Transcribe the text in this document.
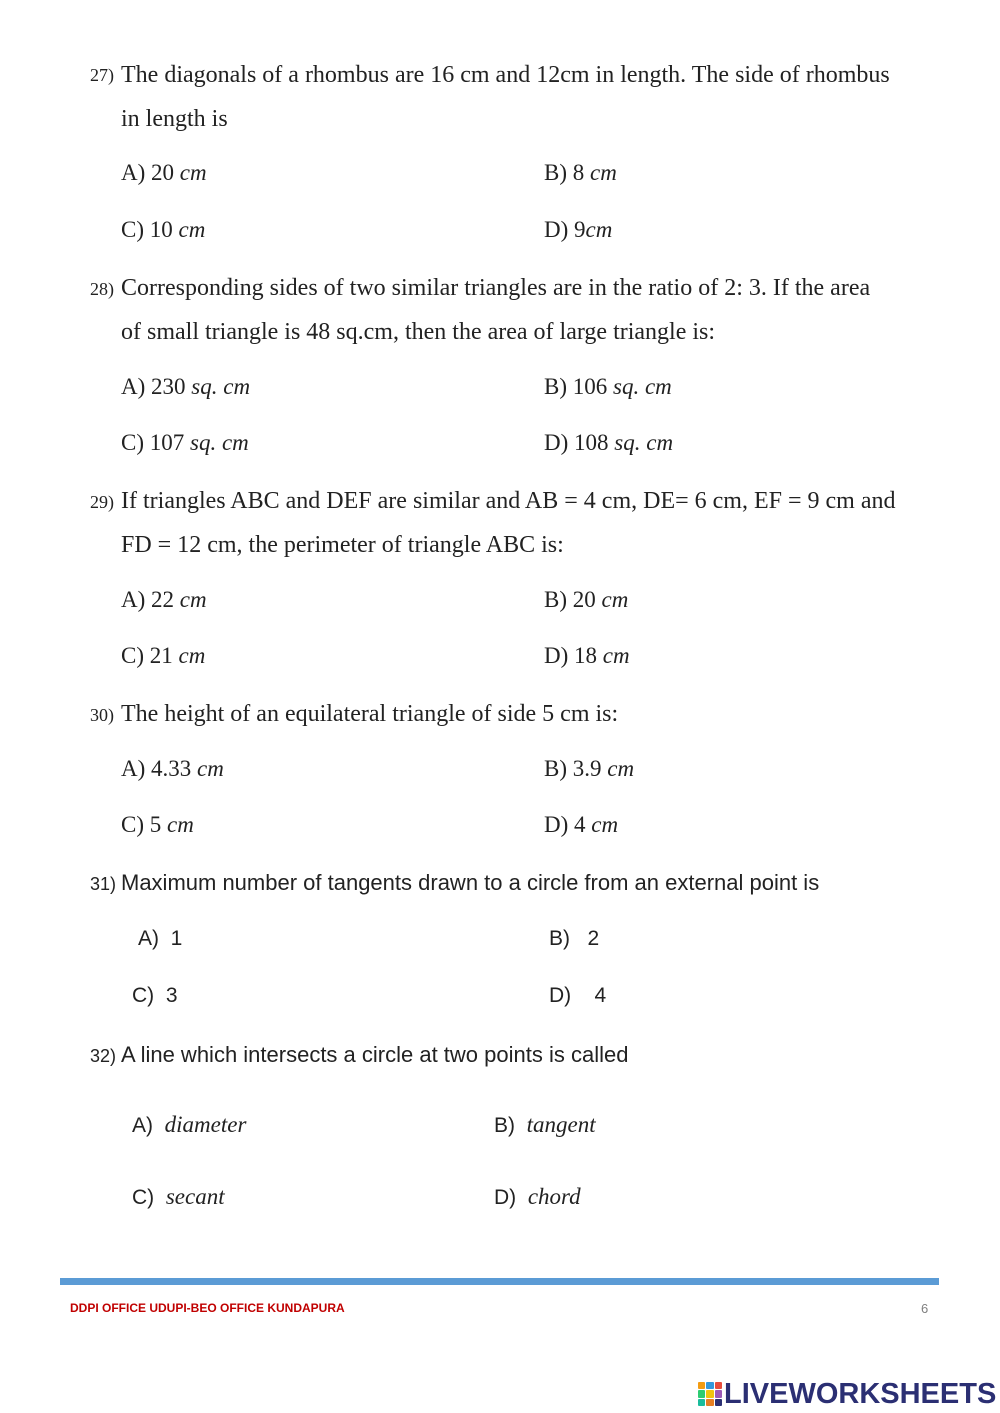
27) The diagonals of a rhombus are 16 cm and 12cm in length. The side of rhombus
in length is
A) 20 cm	B) 8 cm
C) 10 cm	D) 9cm
28) Corresponding sides of two similar triangles are in the ratio of 2: 3. If the area
of small triangle is 48 sq.cm, then the area of large triangle is:
A) 230 sq. cm	B) 106 sq. cm
C) 107 sq. cm	D) 108 sq. cm
29) If triangles ABC and DEF are similar and AB = 4 cm, DE= 6 cm, EF = 9 cm and
FD = 12 cm, the perimeter of triangle ABC is:
A) 22 cm	B) 20 cm
C) 21 cm	D) 18 cm
30) The height of an equilateral triangle of side 5 cm is:
A) 4.33 cm	B) 3.9 cm
C) 5 cm	D) 4 cm
31) Maximum number of tangents drawn to a circle from an external point is
A) 1	B) 2
C) 3	D) 4
32) A line which intersects a circle at two points is called
A) diameter	B) tangent
C) secant	D) chord
DDPI OFFICE UDUPI-BEO OFFICE KUNDAPURA	6
LIVEWORKSHEETS
